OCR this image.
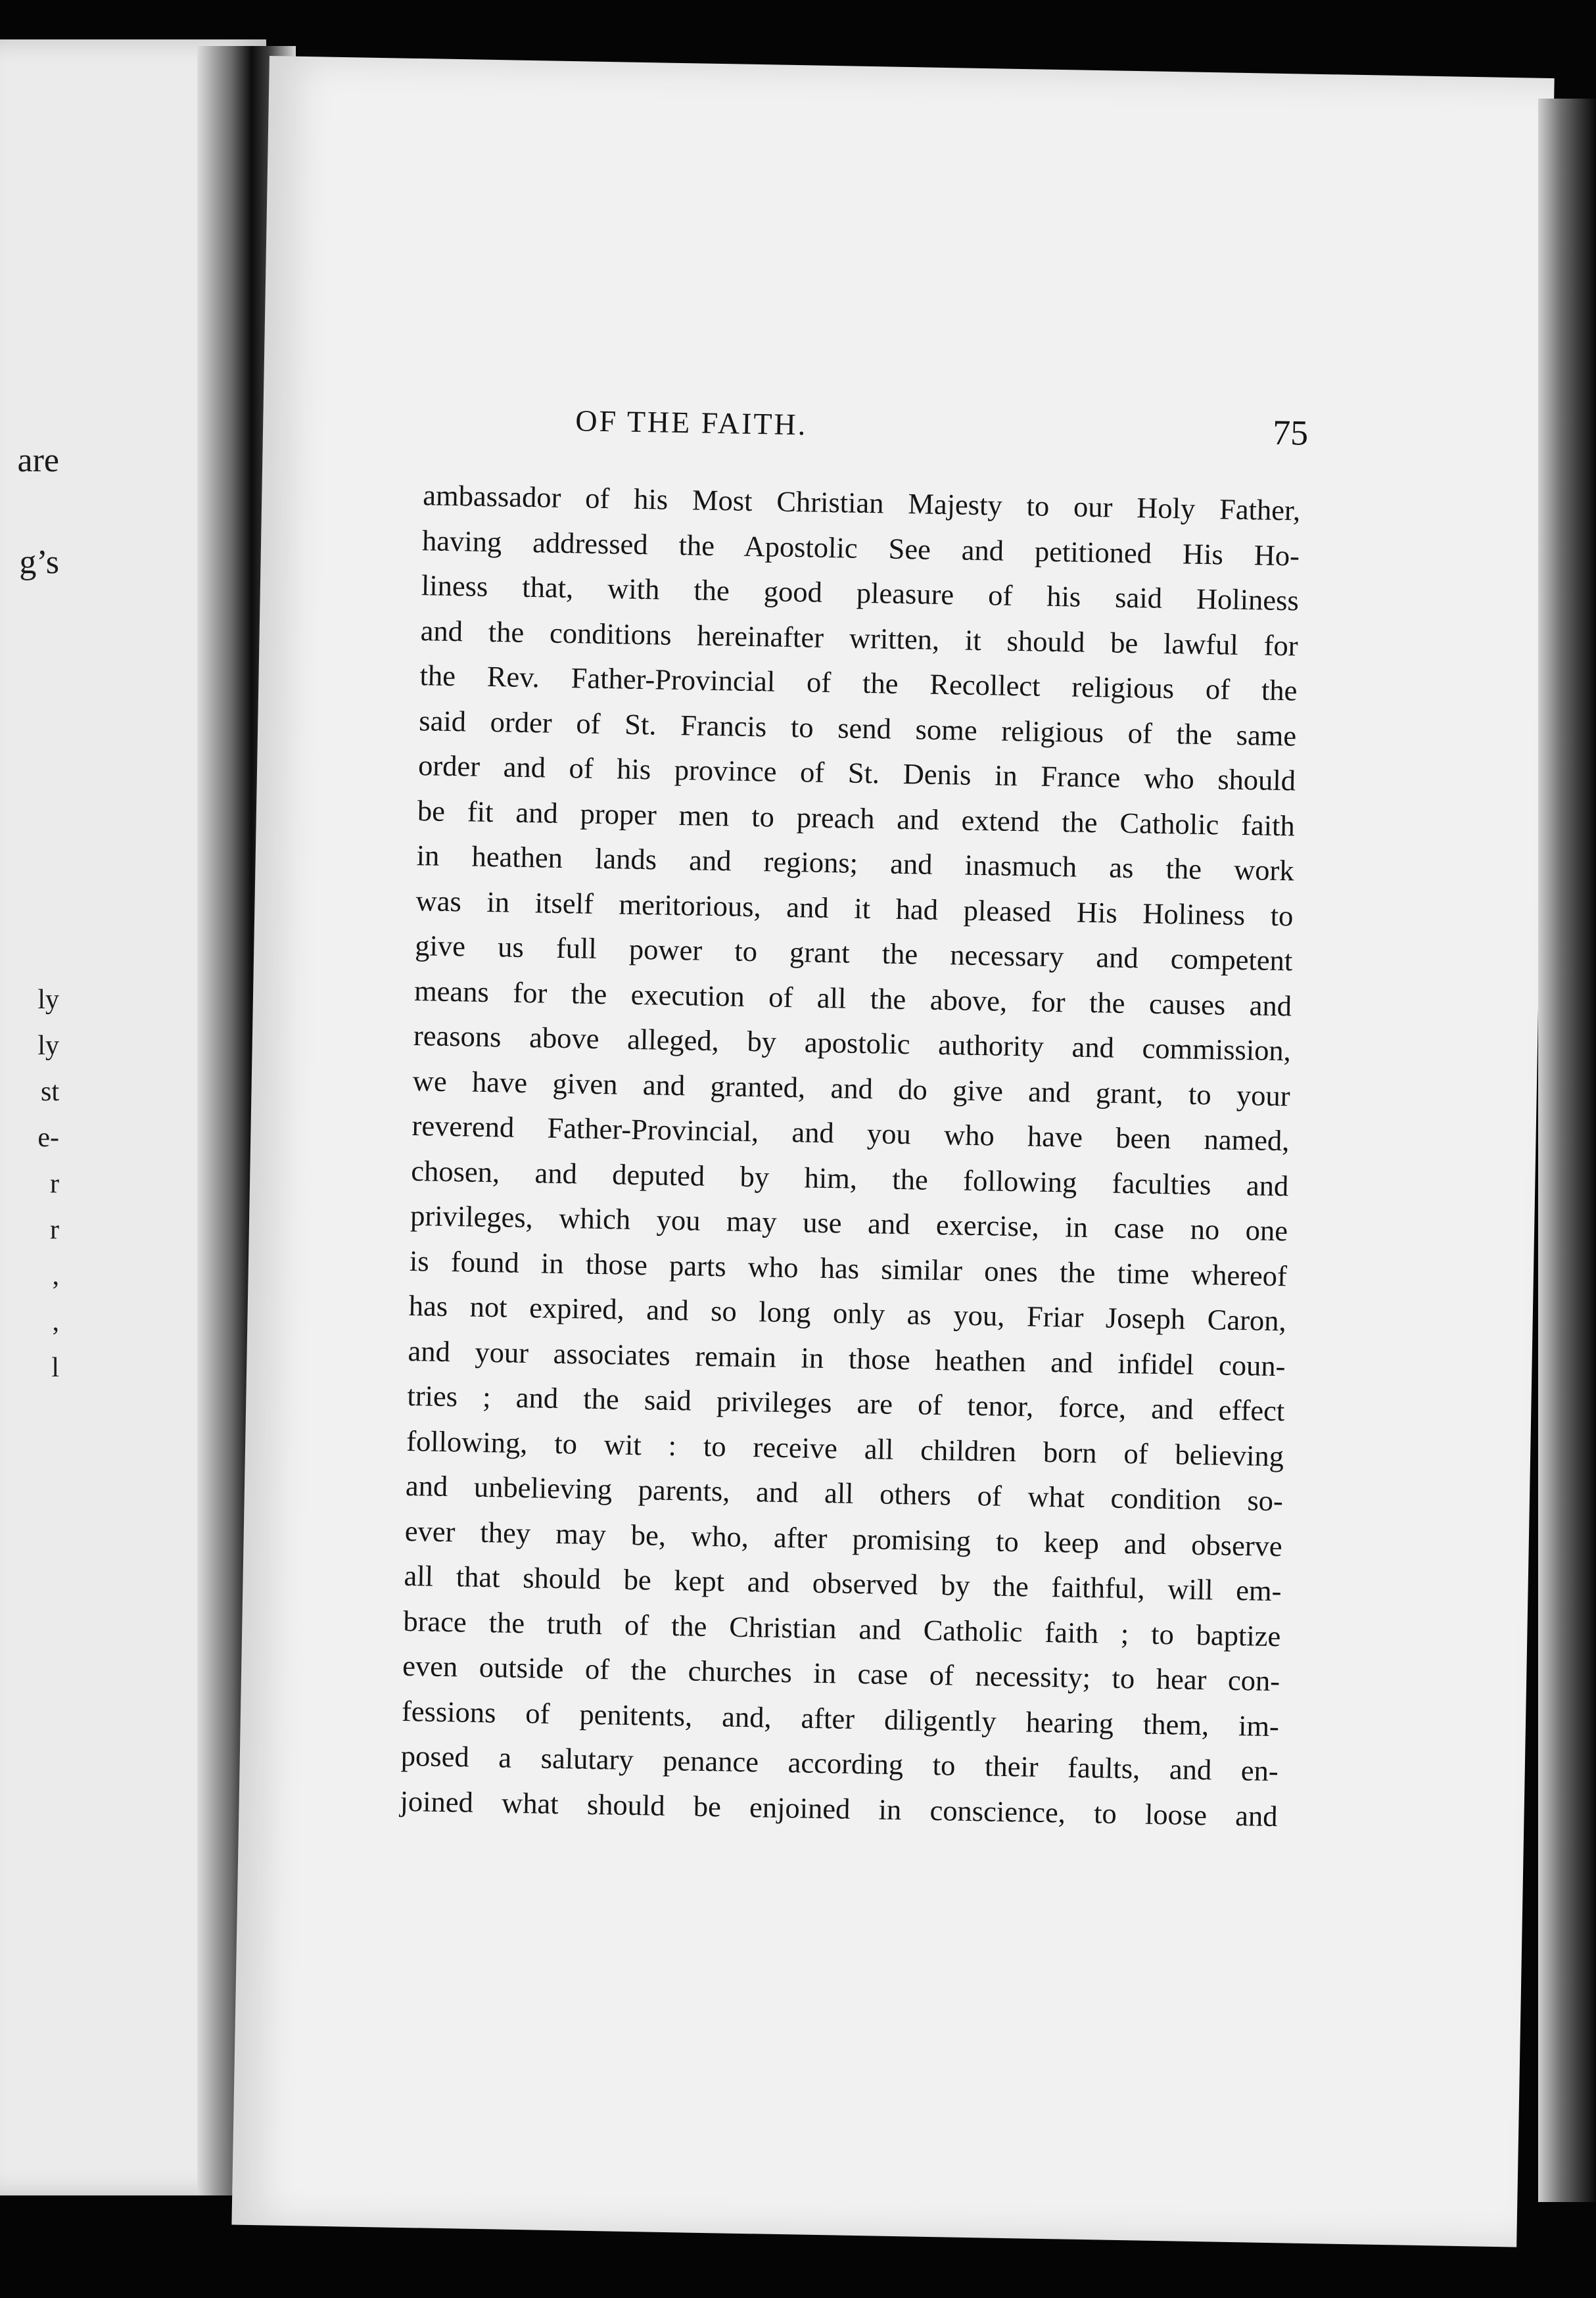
are
g’s
ly
ly
st
e-
r
r
,
,
l
OF THE FAITH.	75
ambassador of his Most Christian Majesty to our Holy Father,
having addressed the Apostolic See and petitioned His Ho-
liness that, with the good pleasure of his said Holiness
and the conditions hereinafter written, it should be lawful for
the Rev. Father-Provincial of the Recollect religious of the
said order of St. Francis to send some religious of the same
order and of his province of St. Denis in France who should
be fit and proper men to preach and extend the Catholic faith
in heathen lands and regions; and inasmuch as the work
was in itself meritorious, and it had pleased His Holiness to
give us full power to grant the necessary and competent
means for the execution of all the above, for the causes and
reasons above alleged, by apostolic authority and commission,
we have given and granted, and do give and grant, to your
reverend Father-Provincial, and you who have been named,
chosen, and deputed by him, the following faculties and
privileges, which you may use and exercise, in case no one
is found in those parts who has similar ones the time whereof
has not expired, and so long only as you, Friar Joseph Caron,
and your associates remain in those heathen and infidel coun-
tries ; and the said privileges are of tenor, force, and effect
following, to wit : to receive all children born of believing
and unbelieving parents, and all others of what condition so-
ever they may be, who, after promising to keep and observe
all that should be kept and observed by the faithful, will em-
brace the truth of the Christian and Catholic faith ; to baptize
even outside of the churches in case of necessity; to hear con-
fessions of penitents, and, after diligently hearing them, im-
posed a salutary penance according to their faults, and en-
joined what should be enjoined in conscience, to loose and
